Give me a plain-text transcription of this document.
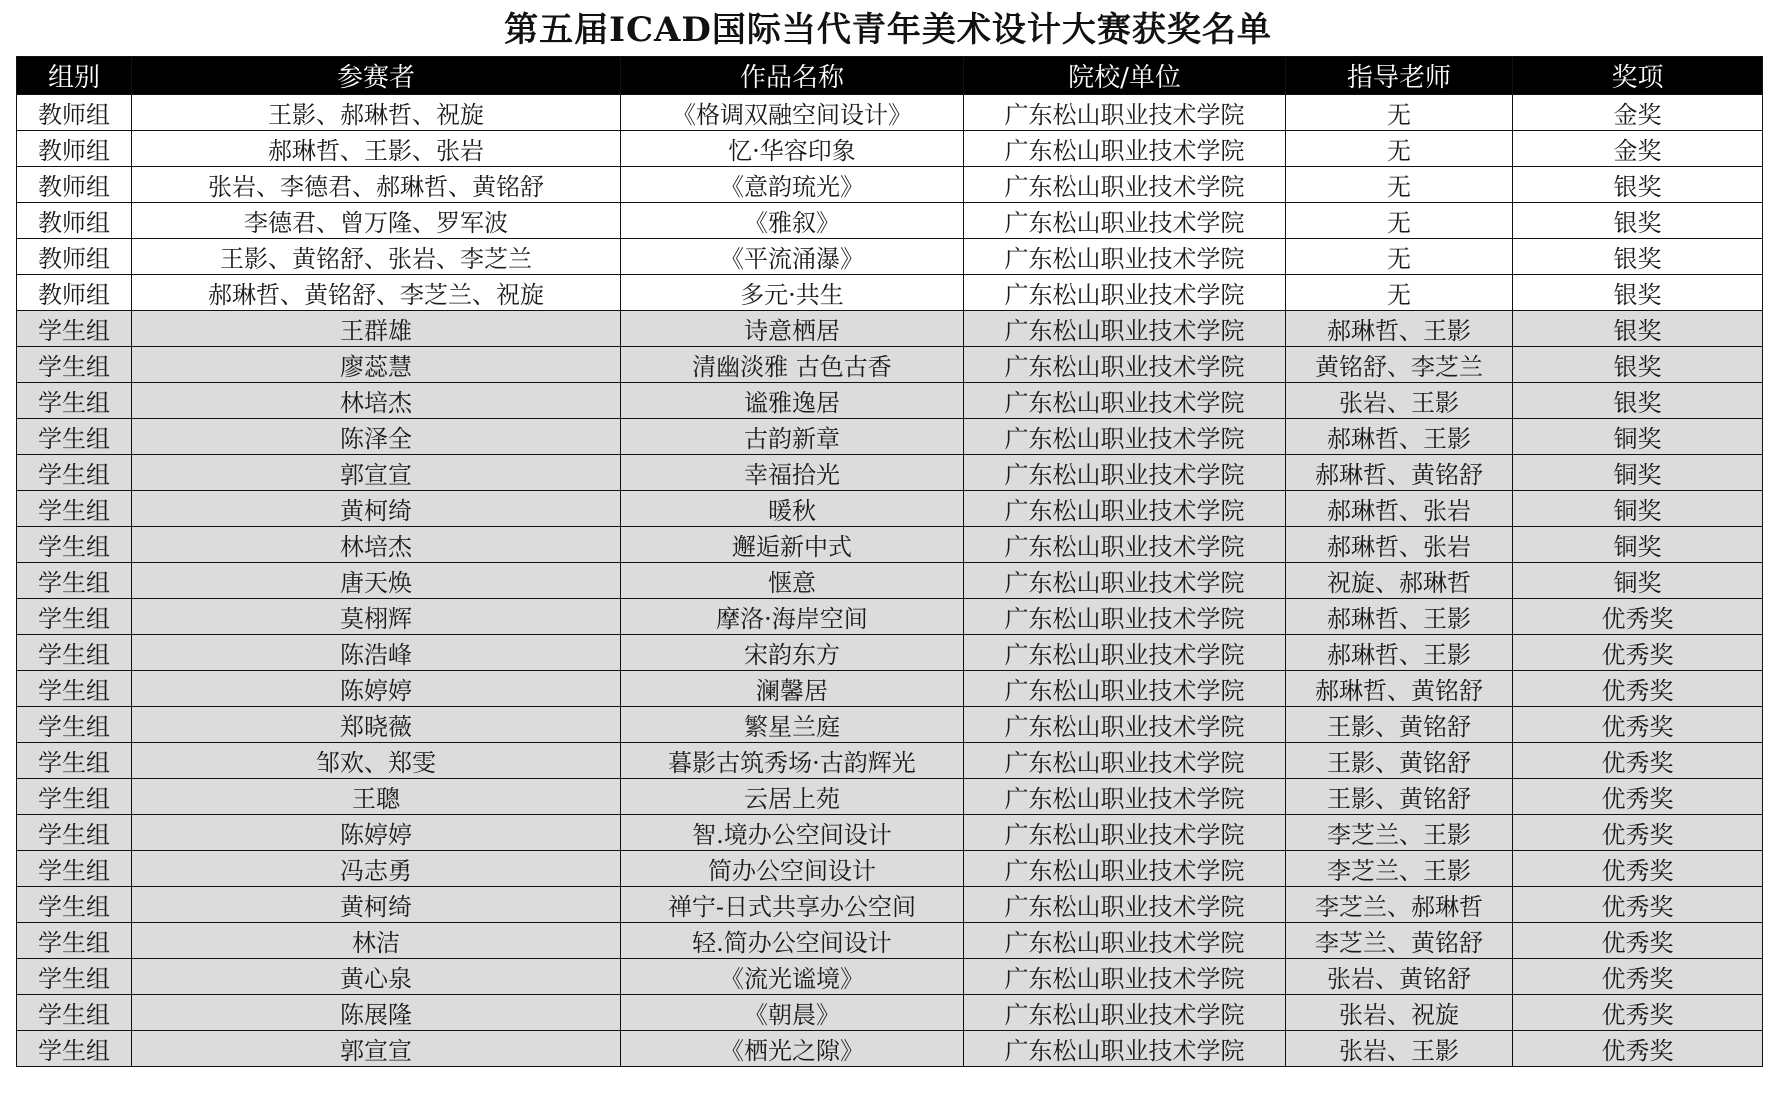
第五届ICAD国际当代青年美术设计大赛获奖名单
组别	参赛者	作品名称	院校/单位	指导老师	奖项
教师组	王影、郝琳哲、祝旋	《格调双融空间设计》	广东松山职业技术学院	无	金奖
教师组	郝琳哲、王影、张岩	忆·华容印象	广东松山职业技术学院	无	金奖
教师组	张岩、李德君、郝琳哲、黄铭舒	《意韵琉光》	广东松山职业技术学院	无	银奖
教师组	李德君、曾万隆、罗军波	《雅叙》	广东松山职业技术学院	无	银奖
教师组	王影、黄铭舒、张岩、李芝兰	《平流涌瀑》	广东松山职业技术学院	无	银奖
教师组	郝琳哲、黄铭舒、李芝兰、祝旋	多元·共生	广东松山职业技术学院	无	银奖
学生组	王群雄	诗意栖居	广东松山职业技术学院	郝琳哲、王影	银奖
学生组	廖蕊慧	清幽淡雅 古色古香	广东松山职业技术学院	黄铭舒、李芝兰	银奖
学生组	林培杰	谧雅逸居	广东松山职业技术学院	张岩、王影	银奖
学生组	陈泽全	古韵新章	广东松山职业技术学院	郝琳哲、王影	铜奖
学生组	郭宣宣	幸福拾光	广东松山职业技术学院	郝琳哲、黄铭舒	铜奖
学生组	黄柯绮	暖秋	广东松山职业技术学院	郝琳哲、张岩	铜奖
学生组	林培杰	邂逅新中式	广东松山职业技术学院	郝琳哲、张岩	铜奖
学生组	唐天焕	惬意	广东松山职业技术学院	祝旋、郝琳哲	铜奖
学生组	莫栩辉	摩洛·海岸空间	广东松山职业技术学院	郝琳哲、王影	优秀奖
学生组	陈浩峰	宋韵东方	广东松山职业技术学院	郝琳哲、王影	优秀奖
学生组	陈婷婷	澜馨居	广东松山职业技术学院	郝琳哲、黄铭舒	优秀奖
学生组	郑晓薇	繁星兰庭	广东松山职业技术学院	王影、黄铭舒	优秀奖
学生组	邹欢、郑雯	暮影古筑秀场·古韵辉光	广东松山职业技术学院	王影、黄铭舒	优秀奖
学生组	王聰	云居上苑	广东松山职业技术学院	王影、黄铭舒	优秀奖
学生组	陈婷婷	智.境办公空间设计	广东松山职业技术学院	李芝兰、王影	优秀奖
学生组	冯志勇	简办公空间设计	广东松山职业技术学院	李芝兰、王影	优秀奖
学生组	黄柯绮	禅宁-日式共享办公空间	广东松山职业技术学院	李芝兰、郝琳哲	优秀奖
学生组	林洁	轻.简办公空间设计	广东松山职业技术学院	李芝兰、黄铭舒	优秀奖
学生组	黄心泉	《流光谧境》	广东松山职业技术学院	张岩、黄铭舒	优秀奖
学生组	陈展隆	《朝晨》	广东松山职业技术学院	张岩、祝旋	优秀奖
学生组	郭宣宣	《栖光之隙》	广东松山职业技术学院	张岩、王影	优秀奖
